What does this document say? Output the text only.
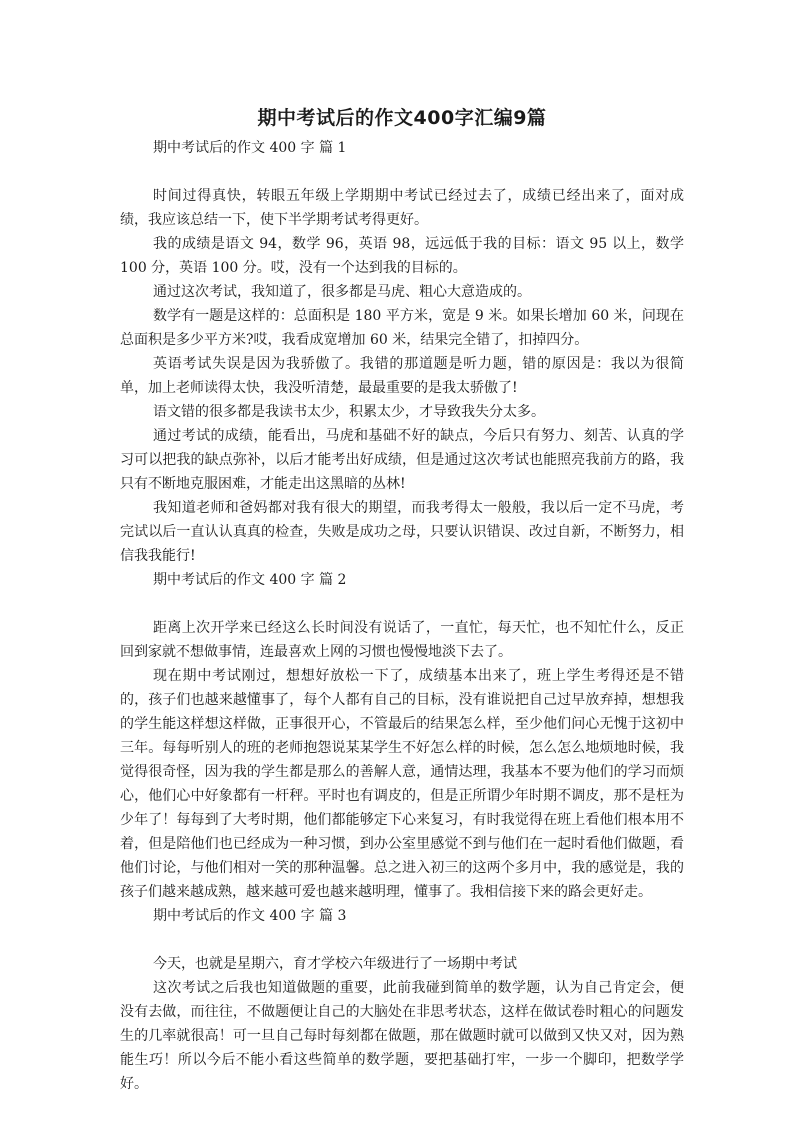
期中考试后的作文400字汇编9篇

期中考试后的作文 400 字 篇 1

时间过得真快，转眼五年级上学期期中考试已经过去了，成绩已经出来了，面对成绩，我应该总结一下，使下半学期考试考得更好。

我的成绩是语文 94，数学 96，英语 98，远远低于我的目标：语文 95 以上，数学 100 分，英语 100 分。哎，没有一个达到我的目标的。

通过这次考试，我知道了，很多都是马虎、粗心大意造成的。

数学有一题是这样的：总面积是 180 平方米，宽是 9 米。如果长增加 60 米，问现在总面积是多少平方米?哎，我看成宽增加 60 米，结果完全错了，扣掉四分。

英语考试失误是因为我骄傲了。我错的那道题是听力题，错的原因是：我以为很简单，加上老师读得太快，我没听清楚，最最重要的是我太骄傲了!

语文错的很多都是我读书太少，积累太少，才导致我失分太多。

通过考试的成绩，能看出，马虎和基础不好的缺点，今后只有努力、刻苦、认真的学习可以把我的缺点弥补，以后才能考出好成绩，但是通过这次考试也能照亮我前方的路，我只有不断地克服困难，才能走出这黑暗的丛林!

我知道老师和爸妈都对我有很大的期望，而我考得太一般般，我以后一定不马虎，考完试以后一直认认真真的检查，失败是成功之母，只要认识错误、改过自新，不断努力，相信我我能行!

期中考试后的作文 400 字 篇 2

距离上次开学来已经这么长时间没有说话了，一直忙，每天忙，也不知忙什么，反正回到家就不想做事情，连最喜欢上网的习惯也慢慢地淡下去了。

现在期中考试刚过，想想好放松一下了，成绩基本出来了，班上学生考得还是不错的，孩子们也越来越懂事了，每个人都有自己的目标，没有谁说把自己过早放弃掉，想想我的学生能这样想这样做，正事很开心，不管最后的结果怎么样，至少他们问心无愧于这初中三年。每每听别人的班的老师抱怨说某某学生不好怎么样的时候，怎么怎么地烦地时候，我觉得很奇怪，因为我的学生都是那么的善解人意，通情达理，我基本不要为他们的学习而烦心，他们心中好象都有一杆秤。平时也有调皮的，但是正所谓少年时期不调皮，那不是枉为少年了！每每到了大考时期，他们都能够定下心来复习，有时我觉得在班上看他们根本用不着，但是陪他们也已经成为一种习惯，到办公室里感觉不到与他们在一起时看他们做题，看他们讨论，与他们相对一笑的那种温馨。总之进入初三的这两个多月中，我的感觉是，我的孩子们越来越成熟，越来越可爱也越来越明理，懂事了。我相信接下来的路会更好走。

期中考试后的作文 400 字 篇 3

今天，也就是星期六，育才学校六年级进行了一场期中考试

这次考试之后我也知道做题的重要，此前我碰到简单的数学题，认为自己肯定会，便没有去做，而往往，不做题便让自己的大脑处在非思考状态，这样在做试卷时粗心的问题发生的几率就很高！可一旦自己每时每刻都在做题，那在做题时就可以做到又快又对，因为熟能生巧！所以今后不能小看这些简单的数学题，要把基础打牢，一步一个脚印，把数学学好。
